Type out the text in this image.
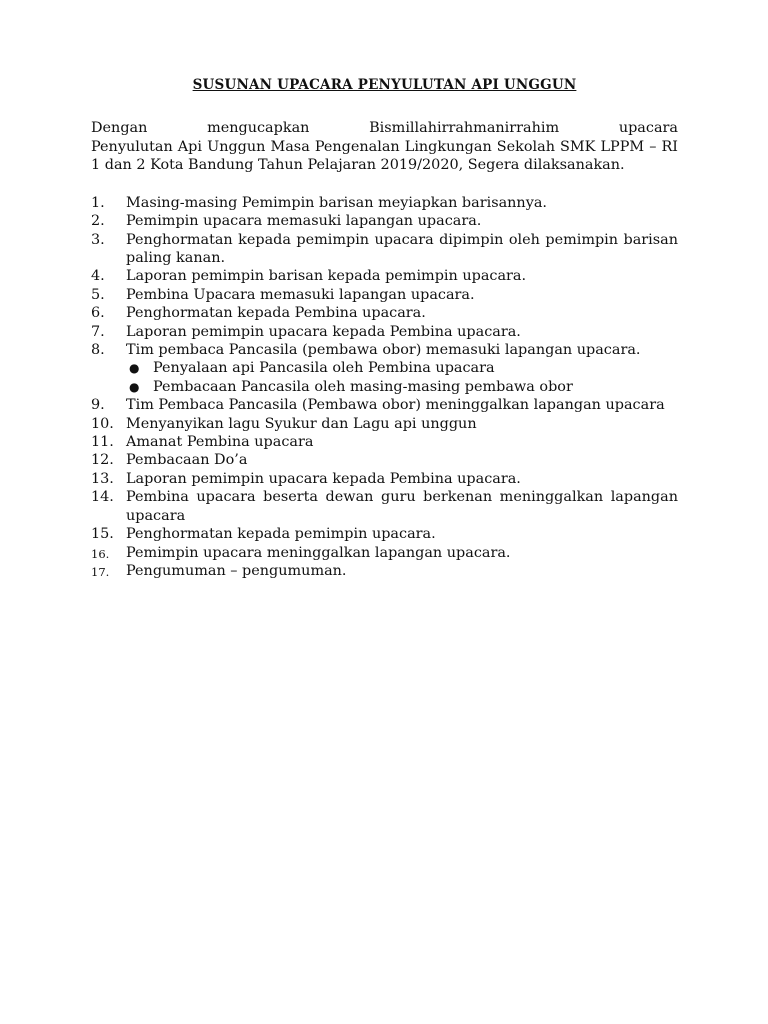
SUSUNAN UPACARA PENYULUTAN API UNGGUN
Dengan mengucapkan Bismillahirrahmanirrahim upacara
Penyulutan Api Unggun Masa Pengenalan Lingkungan Sekolah SMK LPPM – RI 1 dan 2 Kota Bandung Tahun Pelajaran 2019/2020, Segera dilaksanakan.
1. Masing-masing Pemimpin barisan meyiapkan barisannya.
2. Pemimpin upacara memasuki lapangan upacara.
3. Penghormatan kepada pemimpin upacara dipimpin oleh pemimpin barisan paling kanan.
4. Laporan pemimpin barisan kepada pemimpin upacara.
5. Pembina Upacara memasuki lapangan upacara.
6. Penghormatan kepada Pembina upacara.
7. Laporan pemimpin upacara kepada Pembina upacara.
8. Tim pembaca Pancasila (pembawa obor) memasuki lapangan upacara.
● Penyalaan api Pancasila oleh Pembina upacara
● Pembacaan Pancasila oleh masing-masing pembawa obor
9. Tim Pembaca Pancasila (Pembawa obor) meninggalkan lapangan upacara
10. Menyanyikan lagu Syukur dan Lagu api unggun
11. Amanat Pembina upacara
12. Pembacaan Do’a
13. Laporan pemimpin upacara kepada Pembina upacara.
14. Pembina upacara beserta dewan guru berkenan meninggalkan lapangan upacara
15. Penghormatan kepada pemimpin upacara.
16. Pemimpin upacara meninggalkan lapangan upacara.
17. Pengumuman – pengumuman.
